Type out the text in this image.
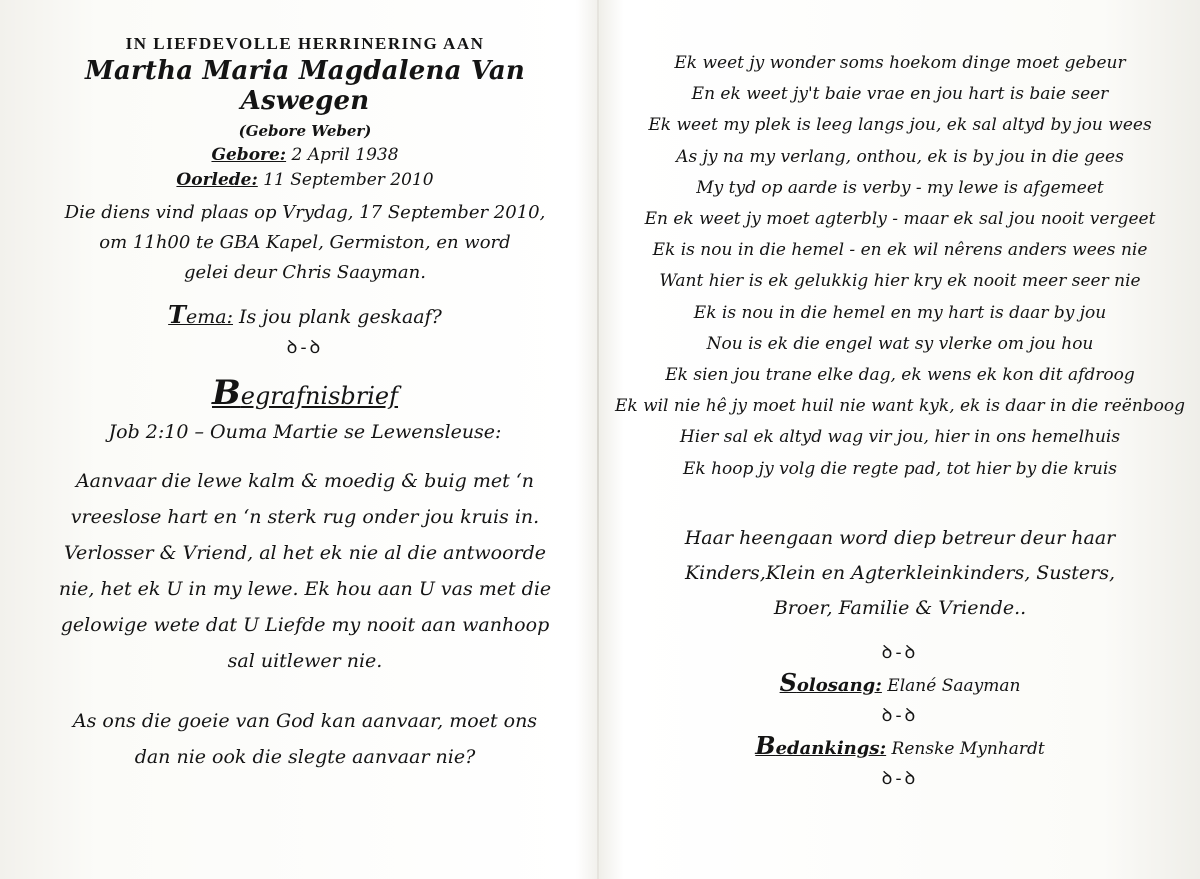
IN LIEFDEVOLLE HERRINERING AAN
Martha Maria Magdalena Van Aswegen
(Gebore Weber)
Gebore: 2 April 1938
Oorlede: 11 September 2010
Die diens vind plaas op Vrydag, 17 September 2010,
om 11h00 te GBA Kapel, Germiston, en word
gelei deur Chris Saayman.
Tema: Is jou plank geskaaf?
ꝺ-ꝺ
Begrafnisbrief
Job 2:10 – Ouma Martie se Lewensleuse:
Aanvaar die lewe kalm & moedig & buig met ‘n
vreeslose hart en ‘n sterk rug onder jou kruis in.
Verlosser & Vriend, al het ek nie al die antwoorde
nie, het ek U in my lewe. Ek hou aan U vas met die
gelowige wete dat U Liefde my nooit aan wanhoop
sal uitlewer nie.
As ons die goeie van God kan aanvaar, moet ons
dan nie ook die slegte aanvaar nie?
Ek weet jy wonder soms hoekom dinge moet gebeur
En ek weet jy't baie vrae en jou hart is baie seer
Ek weet my plek is leeg langs jou, ek sal altyd by jou wees
As jy na my verlang, onthou, ek is by jou in die gees
My tyd op aarde is verby - my lewe is afgemeet
En ek weet jy moet agterbly - maar ek sal jou nooit vergeet
Ek is nou in die hemel - en ek wil nêrens anders wees nie
Want hier is ek gelukkig hier kry ek nooit meer seer nie
Ek is nou in die hemel en my hart is daar by jou
Nou is ek die engel wat sy vlerke om jou hou
Ek sien jou trane elke dag, ek wens ek kon dit afdroog
Ek wil nie hê jy moet huil nie want kyk, ek is daar in die reënboog
Hier sal ek altyd wag vir jou, hier in ons hemelhuis
Ek hoop jy volg die regte pad, tot hier by die kruis
Haar heengaan word diep betreur deur haar
Kinders,Klein en Agterkleinkinders, Susters,
Broer, Familie & Vriende..
ꝺ-ꝺ
Solosang: Elané Saayman
ꝺ-ꝺ
Bedankings: Renske Mynhardt
ꝺ-ꝺ
